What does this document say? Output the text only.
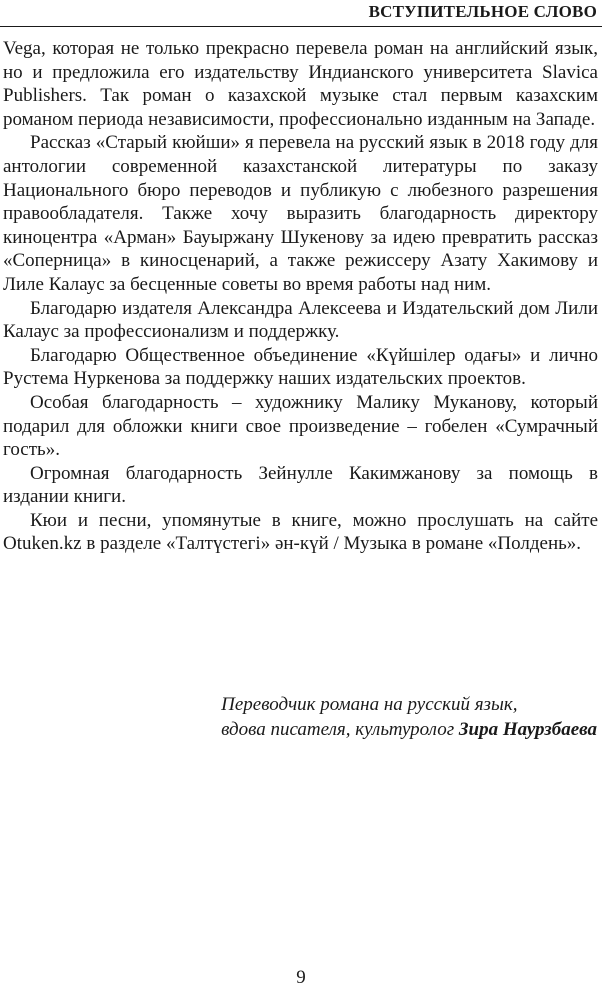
ВСТУПИТЕЛЬНОЕ СЛОВО

Vega, которая не только прекрасно перевела роман на английский язык, но и предложила его издательству Индианского университета Slavica Publishers. Так роман о казахской музыке стал первым казахским романом периода независимости, профессионально изданным на Западе.

Рассказ «Старый кюйши» я перевела на русский язык в 2018 году для антологии современной казахстанской литературы по заказу Национального бюро переводов и публикую с любезного разрешения правообладателя. Также хочу выразить благодарность директору киноцентра «Арман» Бауыржану Шукенову за идею превратить рассказ «Соперница» в киносценарий, а также режиссеру Азату Хакимову и Лиле Калаус за бесценные советы во время работы над ним.

Благодарю издателя Александра Алексеева и Издательский дом Лили Калаус за профессионализм и поддержку.

Благодарю Общественное объединение «Күйшілер одағы» и лично Рустема Нуркенова за поддержку наших издательских проектов.

Особая благодарность – художнику Малику Муканову, который подарил для обложки книги свое произведение – гобелен «Сумрачный гость».

Огромная благодарность Зейнулле Какимжанову за помощь в издании книги.

Кюи и песни, упомянутые в книге, можно прослушать на сайте Otuken.kz в разделе «Талтүстегі» ән-күй / Музыка в романе «Полдень».

Переводчик романа на русский язык,
вдова писателя, культуролог Зира Наурзбаева
9
